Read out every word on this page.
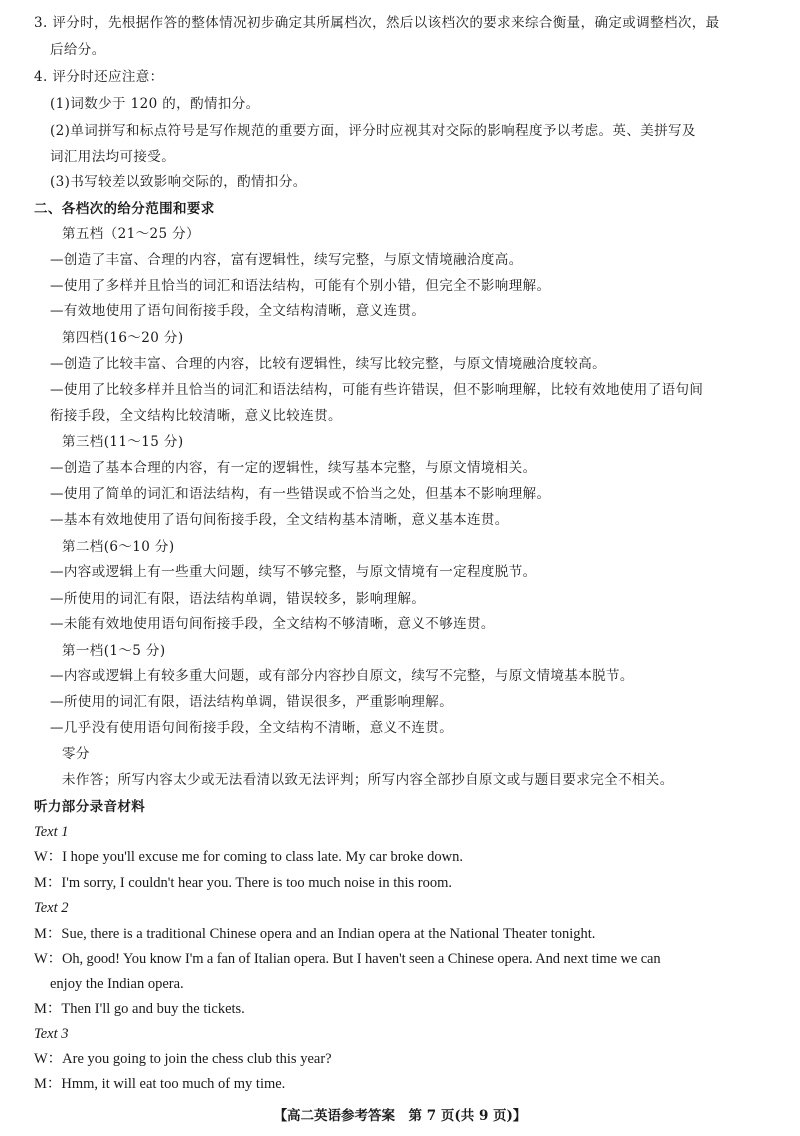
3. 评分时，先根据作答的整体情况初步确定其所属档次，然后以该档次的要求来综合衡量，确定或调整档次，最
后给分。
4. 评分时还应注意：
(1)词数少于 120 的，酌情扣分。
(2)单词拼写和标点符号是写作规范的重要方面，评分时应视其对交际的影响程度予以考虑。英、美拼写及
词汇用法均可接受。
(3)书写较差以致影响交际的，酌情扣分。
二、各档次的给分范围和要求
第五档（21～25 分）
—创造了丰富、合理的内容，富有逻辑性，续写完整，与原文情境融洽度高。
—使用了多样并且恰当的词汇和语法结构，可能有个别小错，但完全不影响理解。
—有效地使用了语句间衔接手段，全文结构清晰，意义连贯。
第四档(16～20 分)
—创造了比较丰富、合理的内容，比较有逻辑性，续写比较完整，与原文情境融洽度较高。
—使用了比较多样并且恰当的词汇和语法结构，可能有些许错误，但不影响理解，比较有效地使用了语句间
衔接手段，全文结构比较清晰，意义比较连贯。
第三档(11～15 分)
—创造了基本合理的内容，有一定的逻辑性，续写基本完整，与原文情境相关。
—使用了简单的词汇和语法结构，有一些错误或不恰当之处，但基本不影响理解。
—基本有效地使用了语句间衔接手段，全文结构基本清晰，意义基本连贯。
第二档(6～10 分)
—内容或逻辑上有一些重大问题，续写不够完整，与原文情境有一定程度脱节。
—所使用的词汇有限，语法结构单调，错误较多，影响理解。
—未能有效地使用语句间衔接手段，全文结构不够清晰，意义不够连贯。
第一档(1～5 分)
—内容或逻辑上有较多重大问题，或有部分内容抄自原文，续写不完整，与原文情境基本脱节。
—所使用的词汇有限，语法结构单调，错误很多，严重影响理解。
—几乎没有使用语句间衔接手段，全文结构不清晰，意义不连贯。
零分
未作答；所写内容太少或无法看清以致无法评判；所写内容全部抄自原文或与题目要求完全不相关。
听力部分录音材料
Text 1
W：I hope you'll excuse me for coming to class late. My car broke down.
M：I'm sorry, I couldn't hear you. There is too much noise in this room.
Text 2
M：Sue, there is a traditional Chinese opera and an Indian opera at the National Theater tonight.
W：Oh, good! You know I'm a fan of Italian opera. But I haven't seen a Chinese opera. And next time we can
enjoy the Indian opera.
M：Then I'll go and buy the tickets.
Text 3
W：Are you going to join the chess club this year?
M：Hmm, it will eat too much of my time.
【高二英语参考答案　第 7 页(共 9 页)】
